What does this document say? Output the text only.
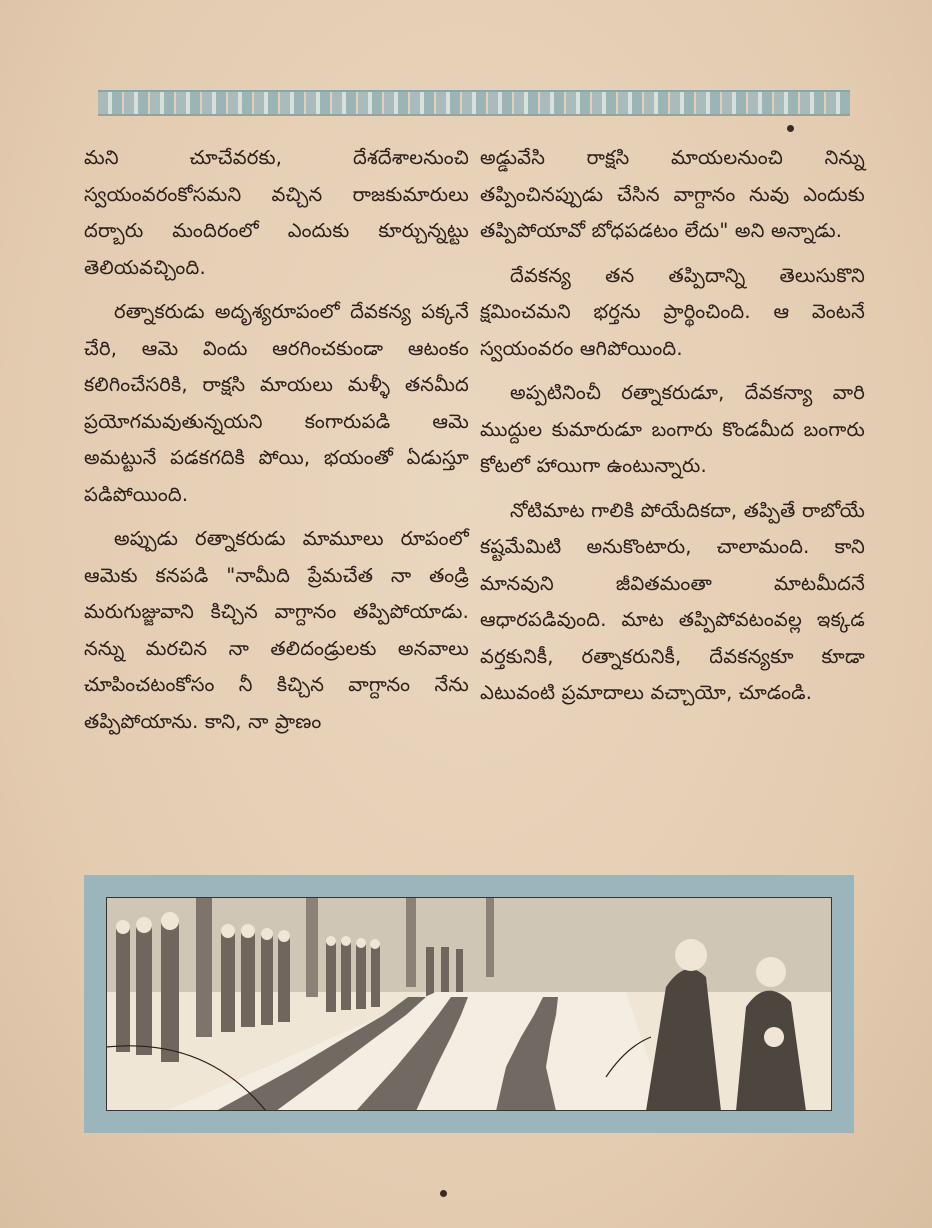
మని చూచేవరకు, దేశదేశాలనుంచి స్వయంవరంకోసమని వచ్చిన రాజకుమారులు దర్బారు మందిరంలో ఎందుకు కూర్చున్నట్టు తెలియవచ్చింది.

రత్నాకరుడు అదృశ్యరూపంలో దేవకన్య పక్కనే చేరి, ఆమె విందు ఆరగించకుండా ఆటంకం కలిగించేసరికి, రాక్షసి మాయలు మళ్ళీ తనమీద ప్రయోగమవుతున్నయని కంగారుపడి ఆమె అమట్టునే పడకగదికి పోయి, భయంతో ఏడుస్తూ పడిపోయింది.

అప్పుడు రత్నాకరుడు మామూలు రూపంలో ఆమెకు కనపడి "నామీది ప్రేమచేత నా తండ్రి మరుగుజ్జువాని కిచ్చిన వాగ్దానం తప్పిపోయాడు. నన్ను మరచిన నా తలిదండ్రులకు అనవాలు చూపించటంకోసం నీ కిచ్చిన వాగ్దానం నేను తప్పిపోయాను. కాని, నా ప్రాణం

అడ్డువేసి రాక్షసి మాయలనుంచి నిన్ను తప్పించినప్పుడు చేసిన వాగ్దానం నువు ఎందుకు తప్పిపోయావో బోధపడటం లేదు" అని అన్నాడు.

దేవకన్య తన తప్పిదాన్ని తెలుసుకొని క్షమించమని భర్తను ప్రార్థించింది. ఆ వెంటనే స్వయంవరం ఆగిపోయింది.

అప్పటినించీ రత్నాకరుడూ, దేవకన్యా వారి ముద్దుల కుమారుడూ బంగారు కొండమీద బంగారు కోటలో హాయిగా ఉంటున్నారు.

నోటిమాట గాలికి పోయేదికదా, తప్పితే రాబోయే కష్టమేమిటి అనుకొంటారు, చాలామంది. కాని మానవుని జీవితమంతా మాటమీదనే ఆధారపడివుంది. మాట తప్పిపోవటంవల్ల ఇక్కడ వర్తకునికీ, రత్నాకరునికీ, దేవకన్యకూ కూడా ఎటువంటి ప్రమాదాలు వచ్చాయో, చూడండి.
